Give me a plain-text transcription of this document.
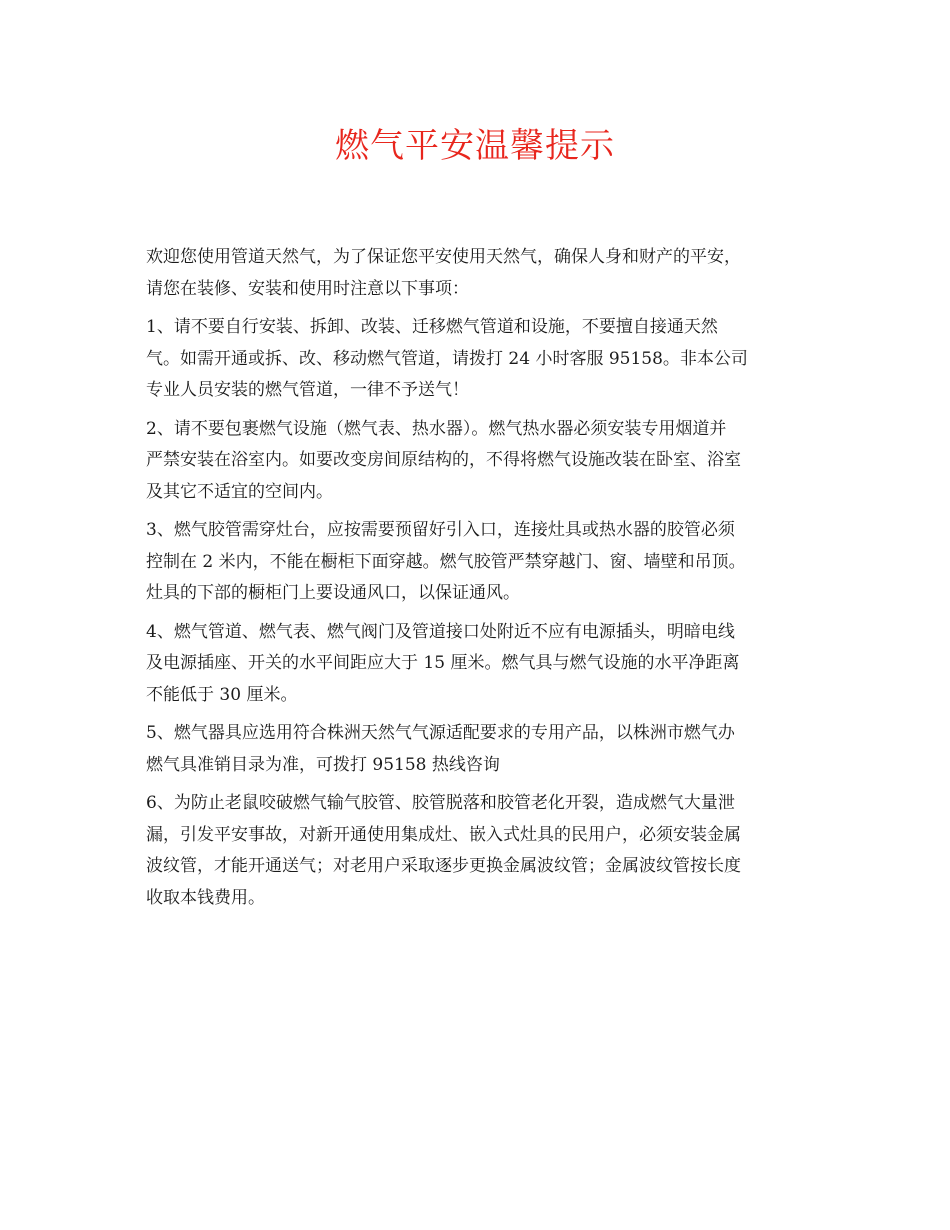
燃气平安温馨提示

欢迎您使用管道天然气，为了保证您平安使用天然气，确保人身和财产的平安，
请您在装修、安装和使用时注意以下事项：

1、请不要自行安装、拆卸、改装、迁移燃气管道和设施，不要擅自接通天然
气。如需开通或拆、改、移动燃气管道，请拨打 24 小时客服 95158。非本公司
专业人员安装的燃气管道，一律不予送气！

2、请不要包裹燃气设施（燃气表、热水器）。燃气热水器必须安装专用烟道并
严禁安装在浴室内。如要改变房间原结构的，不得将燃气设施改装在卧室、浴室
及其它不适宜的空间内。

3、燃气胶管需穿灶台，应按需要预留好引入口，连接灶具或热水器的胶管必须
控制在 2 米内，不能在橱柜下面穿越。燃气胶管严禁穿越门、窗、墙壁和吊顶。
灶具的下部的橱柜门上要设通风口，以保证通风。

4、燃气管道、燃气表、燃气阀门及管道接口处附近不应有电源插头，明暗电线
及电源插座、开关的水平间距应大于 15 厘米。燃气具与燃气设施的水平净距离
不能低于 30 厘米。

5、燃气器具应选用符合株洲天然气气源适配要求的专用产品，以株洲市燃气办
燃气具准销目录为准，可拨打 95158 热线咨询

6、为防止老鼠咬破燃气输气胶管、胶管脱落和胶管老化开裂，造成燃气大量泄
漏，引发平安事故，对新开通使用集成灶、嵌入式灶具的民用户，必须安装金属
波纹管，才能开通送气；对老用户采取逐步更换金属波纹管；金属波纹管按长度
收取本钱费用。
